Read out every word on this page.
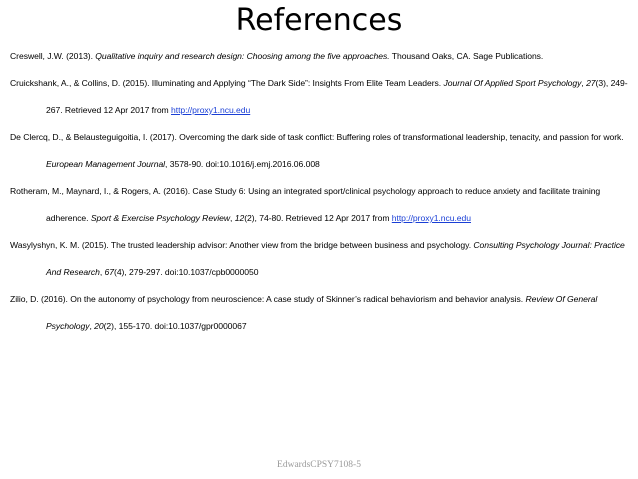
References

Creswell, J.W. (2013). Qualitative inquiry and research design: Choosing among the five approaches. Thousand Oaks, CA. Sage Publications.

Cruickshank, A., & Collins, D. (2015). Illuminating and Applying “The Dark Side”: Insights From Elite Team Leaders. Journal Of Applied Sport Psychology, 27(3), 249-267. Retrieved 12 Apr 2017 from http://proxy1.ncu.edu

De Clercq, D., & Belausteguigoitia, I. (2017). Overcoming the dark side of task conflict: Buffering roles of transformational leadership, tenacity, and passion for work. European Management Journal, 3578-90. doi:10.1016/j.emj.2016.06.008

Rotheram, M., Maynard, I., & Rogers, A. (2016). Case Study 6: Using an integrated sport/clinical psychology approach to reduce anxiety and facilitate training adherence. Sport & Exercise Psychology Review, 12(2), 74-80. Retrieved 12 Apr 2017 from http://proxy1.ncu.edu

Wasylyshyn, K. M. (2015). The trusted leadership advisor: Another view from the bridge between business and psychology. Consulting Psychology Journal: Practice And Research, 67(4), 279-297. doi:10.1037/cpb0000050

Zilio, D. (2016). On the autonomy of psychology from neuroscience: A case study of Skinner’s radical behaviorism and behavior analysis. Review Of General Psychology, 20(2), 155-170. doi:10.1037/gpr0000067

EdwardsCPSY7108-5
